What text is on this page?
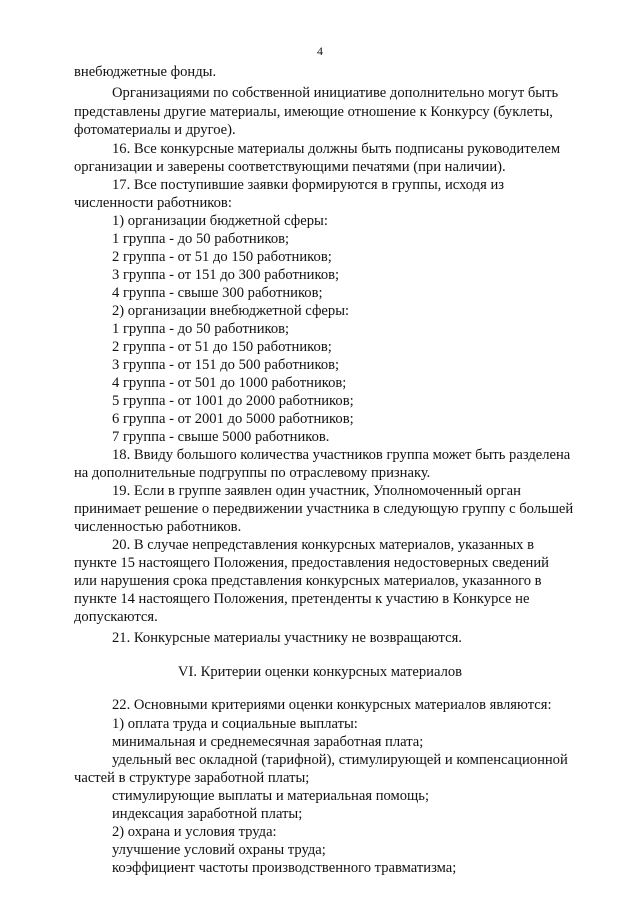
4
внебюджетные фонды.
Организациями по собственной инициативе дополнительно могут быть
представлены другие материалы, имеющие отношение к Конкурсу (буклеты,
фотоматериалы и другое).
16. Все конкурсные материалы должны быть подписаны руководителем
организации и заверены соответствующими печатями (при наличии).
17. Все поступившие заявки формируются в группы, исходя из
численности работников:
1) организации бюджетной сферы:
1 группа - до 50 работников;
2 группа - от 51 до 150 работников;
3 группа - от 151 до 300 работников;
4 группа - свыше 300 работников;
2) организации внебюджетной сферы:
1 группа - до 50 работников;
2 группа - от 51 до 150 работников;
3 группа - от 151 до 500 работников;
4 группа - от 501 до 1000 работников;
5 группа - от 1001 до 2000 работников;
6 группа - от 2001 до 5000 работников;
7 группа - свыше 5000 работников.
18. Ввиду большого количества участников группа может быть разделена
на дополнительные подгруппы по отраслевому признаку.
19. Если в группе заявлен один участник, Уполномоченный орган
принимает решение о передвижении участника в следующую группу с большей
численностью работников.
20. В случае непредставления конкурсных материалов, указанных в
пункте 15 настоящего Положения, предоставления недостоверных сведений
или нарушения срока представления конкурсных материалов, указанного в
пункте 14 настоящего Положения, претенденты к участию в Конкурсе не
допускаются.
21. Конкурсные материалы участнику не возвращаются.
VI. Критерии оценки конкурсных материалов
22. Основными критериями оценки конкурсных материалов являются:
1) оплата труда и социальные выплаты:
минимальная и среднемесячная заработная плата;
удельный вес окладной (тарифной), стимулирующей и компенсационной
частей в структуре заработной платы;
стимулирующие выплаты и материальная помощь;
индексация заработной платы;
2) охрана и условия труда:
улучшение условий охраны труда;
коэффициент частоты производственного травматизма;
